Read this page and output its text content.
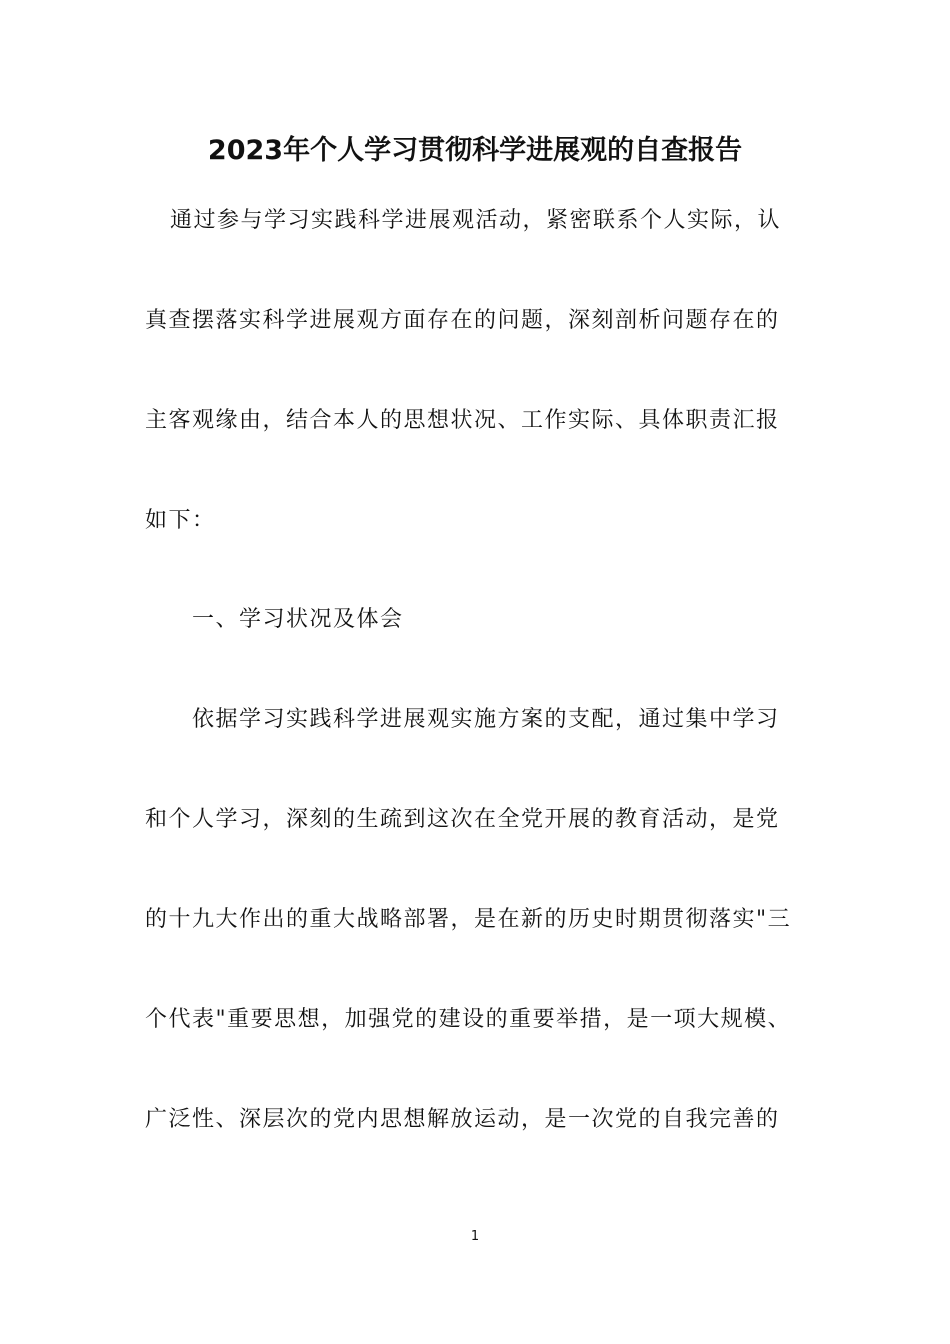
2023年个人学习贯彻科学进展观的自查报告
通过参与学习实践科学进展观活动，紧密联系个人实际，认
真查摆落实科学进展观方面存在的问题，深刻剖析问题存在的
主客观缘由，结合本人的思想状况、工作实际、具体职责汇报
如下：
一、学习状况及体会
依据学习实践科学进展观实施方案的支配，通过集中学习
和个人学习，深刻的生疏到这次在全党开展的教育活动，是党
的十九大作出的重大战略部署，是在新的历史时期贯彻落实"三
个代表"重要思想，加强党的建设的重要举措，是一项大规模、
广泛性、深层次的党内思想解放运动，是一次党的自我完善的
1
